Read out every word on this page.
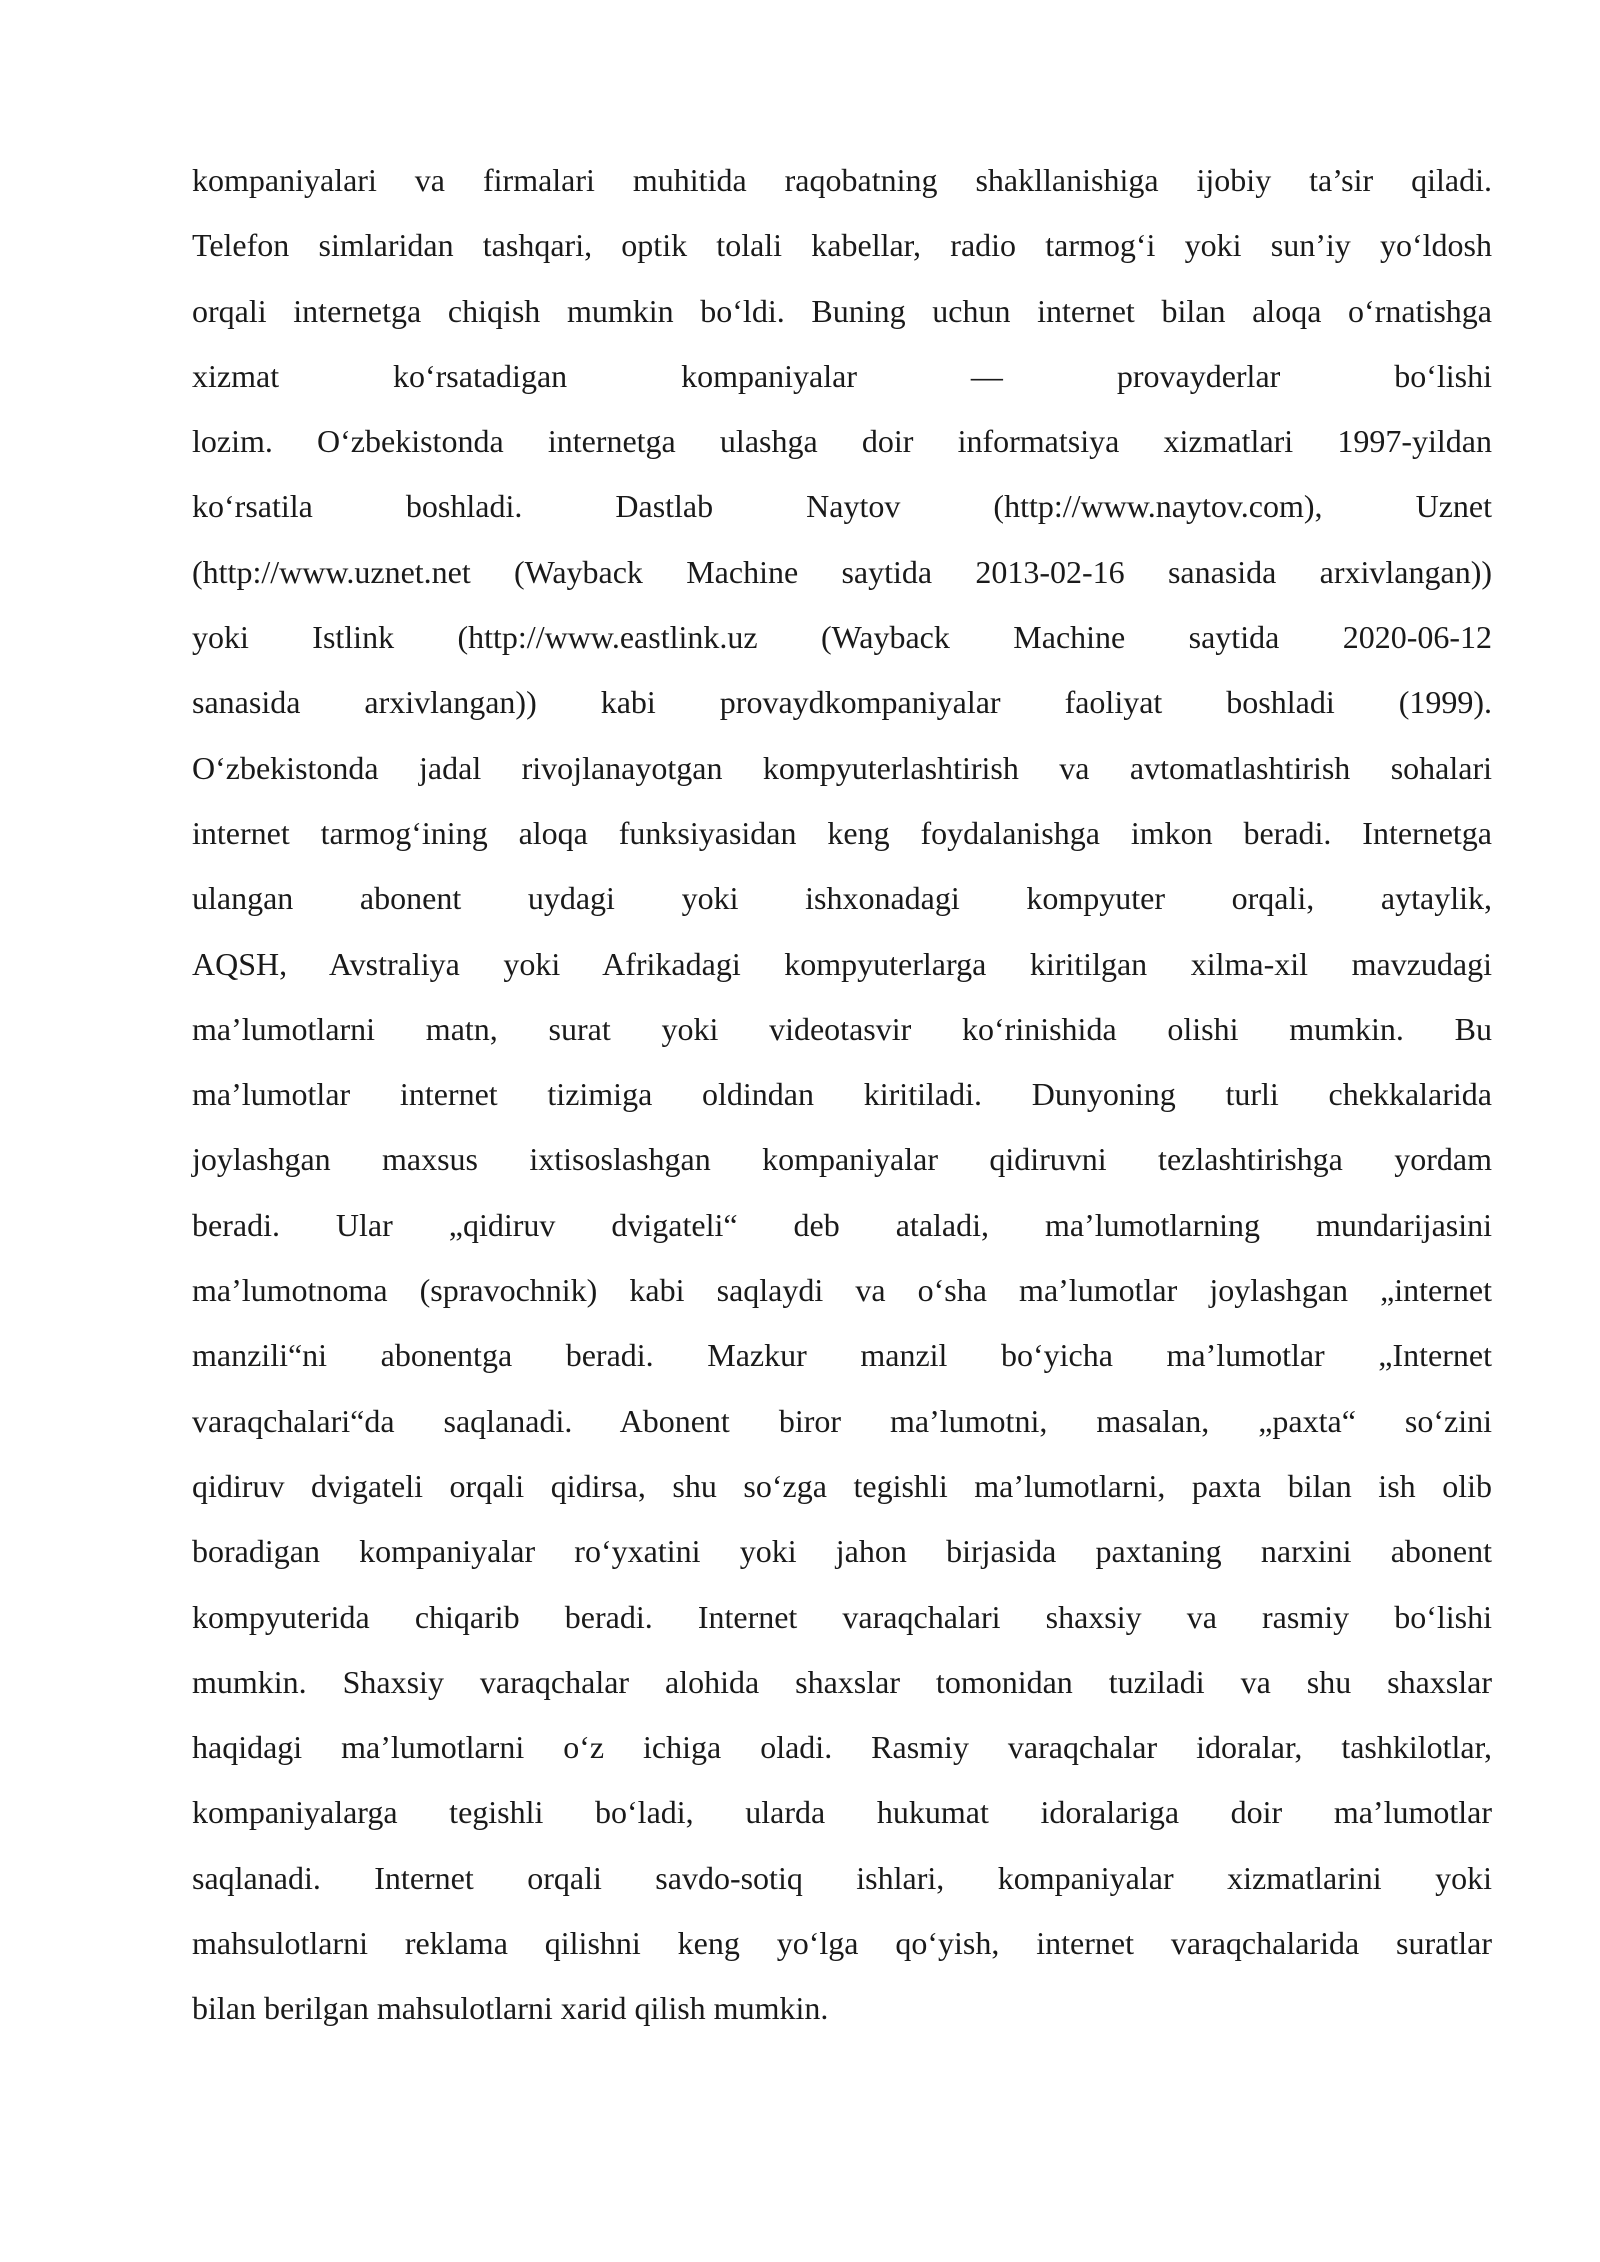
kompaniyalari va firmalari muhitida raqobatning shakllanishiga ijobiy ta’sir qiladi.
Telefon simlaridan tashqari, optik tolali kabellar, radio tarmog‘i yoki sun’iy yo‘ldosh
orqali internetga chiqish mumkin bo‘ldi. Buning uchun internet bilan aloqa o‘rnatishga
xizmat ko‘rsatadigan kompaniyalar — provayderlar bo‘lishi
lozim. O‘zbekistonda internetga ulashga doir informatsiya xizmatlari 1997-yildan
ko‘rsatila boshladi. Dastlab Naytov (http://www.naytov.com), Uznet
(http://www.uznet.net (Wayback Machine saytida 2013-02-16 sanasida arxivlangan))
yoki Istlink (http://www.eastlink.uz (Wayback Machine saytida 2020-06-12
sanasida arxivlangan)) kabi provaydkompaniyalar faoliyat boshladi (1999).
O‘zbekistonda jadal rivojlanayotgan kompyuterlashtirish va avtomatlashtirish sohalari
internet tarmog‘ining aloqa funksiyasidan keng foydalanishga imkon beradi. Internetga
ulangan abonent uydagi yoki ishxonadagi kompyuter orqali, aytaylik,
AQSH, Avstraliya yoki Afrikadagi kompyuterlarga kiritilgan xilma-xil mavzudagi
ma’lumotlarni matn, surat yoki videotasvir ko‘rinishida olishi mumkin. Bu
ma’lumotlar internet tizimiga oldindan kiritiladi. Dunyoning turli chekkalarida
joylashgan maxsus ixtisoslashgan kompaniyalar qidiruvni tezlashtirishga yordam
beradi. Ular „qidiruv dvigateli“ deb ataladi, ma’lumotlarning mundarijasini
ma’lumotnoma (spravochnik) kabi saqlaydi va o‘sha ma’lumotlar joylashgan „internet
manzili“ni abonentga beradi. Mazkur manzil bo‘yicha ma’lumotlar „Internet
varaqchalari“da saqlanadi. Abonent biror ma’lumotni, masalan, „paxta“ so‘zini
qidiruv dvigateli orqali qidirsa, shu so‘zga tegishli ma’lumotlarni, paxta bilan ish olib
boradigan kompaniyalar ro‘yxatini yoki jahon birjasida paxtaning narxini abonent
kompyuterida chiqarib beradi. Internet varaqchalari shaxsiy va rasmiy bo‘lishi
mumkin. Shaxsiy varaqchalar alohida shaxslar tomonidan tuziladi va shu shaxslar
haqidagi ma’lumotlarni o‘z ichiga oladi. Rasmiy varaqchalar idoralar, tashkilotlar,
kompaniyalarga tegishli bo‘ladi, ularda hukumat idoralariga doir ma’lumotlar
saqlanadi. Internet orqali savdo-sotiq ishlari, kompaniyalar xizmatlarini yoki
mahsulotlarni reklama qilishni keng yo‘lga qo‘yish, internet varaqchalarida suratlar
bilan berilgan mahsulotlarni xarid qilish mumkin.
